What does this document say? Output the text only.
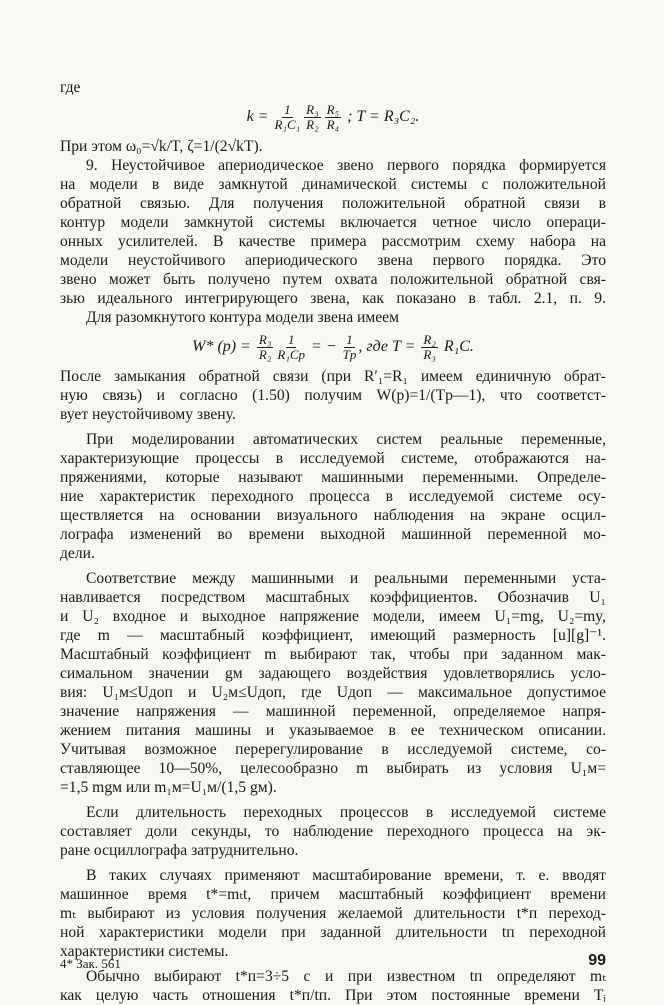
где
k =
$\frac{1}{\text{R₁C₁}} \frac{\text{R₃}}{\text{R₂}} \frac{\text{R₅}}{\text{R₄}}$
; T = R₃C₂.
При этом ω₀=√k/T, ζ=1/(2√kT).
9. Неустойчивое апериодическое звено первого порядка формируется
на модели в виде замкнутой динамической системы с положительной
обратной связью. Для получения положительной обратной связи в
контур модели замкнутой системы включается четное число операци-
онных усилителей. В качестве примера рассмотрим схему набора на
модели неустойчивого апериодического звена первого порядка. Это
звено может быть получено путем охвата положительной обратной свя-
зью идеального интегрирующего звена, как показано в табл. 2.1, п. 9.
Для разомкнутого контура модели звена имеем
W* (p) =
$\frac{\text{R₃}}{\text{R₂}} \frac{1}{\text{R₁Cp}}$
= −
$\frac{1}{Tp}$ , где T =
$\frac{\text{R₂}}{\text{R₃}}$
R₁C.
После замыкания обратной связи (при R′₁=R₁ имеем единичную обрат-
ную связь) и согласно (1.50) получим W(p)=1/(Tp—1), что соответст-
вует неустойчивому звену.
При моделировании автоматических систем реальные переменные,
характеризующие процессы в исследуемой системе, отображаются на-
пряжениями, которые называют машинными переменными. Определе-
ние характеристик переходного процесса в исследуемой системе осу-
ществляется на основании визуального наблюдения на экране осцил-
лографа изменений во времени выходной машинной переменной мо-
дели.
Соответствие между машинными и реальными переменными уста-
навливается посредством масштабных коэффициентов. Обозначив U₁
и U₂ входное и выходное напряжение модели, имеем U₁=mg, U₂=my,
где m — масштабный коэффициент, имеющий размерность [u][g]⁻¹.
Масштабный коэффициент m выбирают так, чтобы при заданном мак-
симальном значении gм задающего воздействия удовлетворялись усло-
вия: U₁м≤Uдоп и U₂м≤Uдоп, где Uдоп — максимальное допустимое
значение напряжения — машинной переменной, определяемое напря-
жением питания машины и указываемое в ее техническом описании.
Учитывая возможное перерегулирование в исследуемой системе, со-
ставляющее 10—50%, целесообразно m выбирать из условия U₁м=
=1,5 mgм или m₁м=U₁м/(1,5 gм).
Если длительность переходных процессов в исследуемой системе
составляет доли секунды, то наблюдение переходного процесса на эк-
ране осциллографа затруднительно.
В таких случаях применяют масштабирование времени, т. е. вводят
машинное время t*=mₜt, причем масштабный коэффициент времени
mₜ выбирают из условия получения желаемой длительности t*п переход-
ной характеристики модели при заданной длительности tп переходной
характеристики системы.
Обычно выбирают t*п=3÷5 с и при известном tп определяют mₜ
как целую часть отношения t*п/tп. При этом постоянные времени Tᵢ
4* Зак. 561	99
